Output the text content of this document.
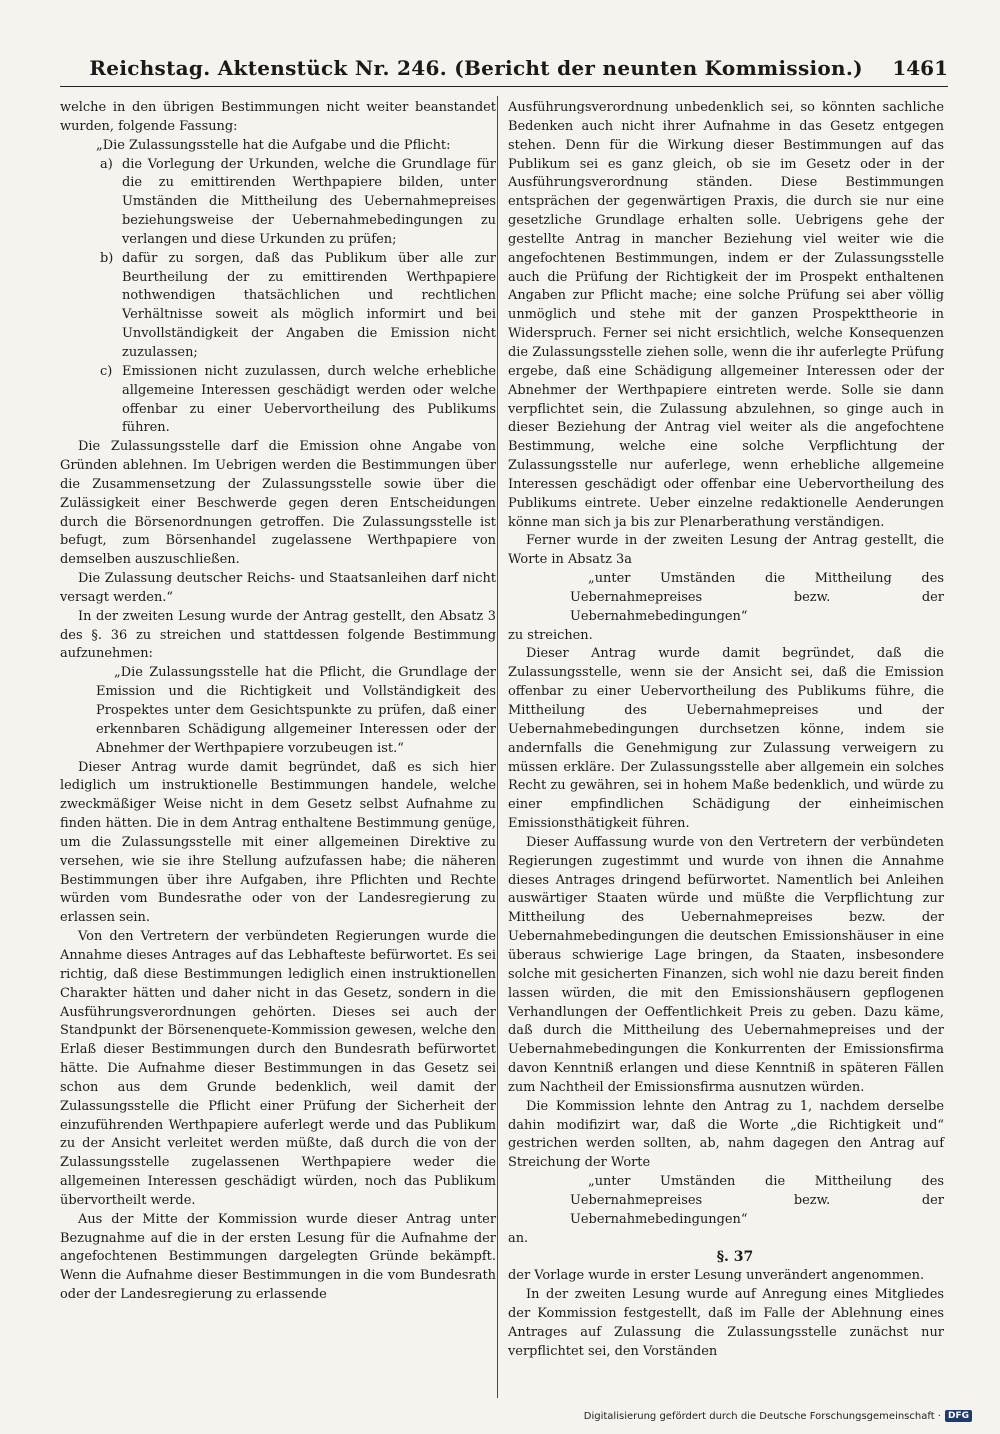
Reichstag. Aktenstück Nr. 246. (Bericht der neunten Kommission.)	1461

welche in den übrigen Bestimmungen nicht weiter beanstandet wurden, folgende Fassung:

„Die Zulassungsstelle hat die Aufgabe und die Pflicht:

a) die Vorlegung der Urkunden, welche die Grundlage für die zu emittirenden Werthpapiere bilden, unter Umständen die Mittheilung des Uebernahmepreises beziehungsweise der Uebernahmebedingungen zu verlangen und diese Urkunden zu prüfen;
b) dafür zu sorgen, daß das Publikum über alle zur Beurtheilung der zu emittirenden Werthpapiere nothwendigen thatsächlichen und rechtlichen Verhältnisse soweit als möglich informirt und bei Unvollständigkeit der Angaben die Emission nicht zuzulassen;
c) Emissionen nicht zuzulassen, durch welche erhebliche allgemeine Interessen geschädigt werden oder welche offenbar zu einer Uebervortheilung des Publikums führen.

Die Zulassungsstelle darf die Emission ohne Angabe von Gründen ablehnen. Im Uebrigen werden die Bestimmungen über die Zusammensetzung der Zulassungsstelle sowie über die Zulässigkeit einer Beschwerde gegen deren Entscheidungen durch die Börsenordnungen getroffen. Die Zulassungsstelle ist befugt, zum Börsenhandel zugelassene Werthpapiere von demselben auszuschließen.

Die Zulassung deutscher Reichs- und Staatsanleihen darf nicht versagt werden.“

In der zweiten Lesung wurde der Antrag gestellt, den Absatz 3 des §. 36 zu streichen und stattdessen folgende Bestimmung aufzunehmen:

„Die Zulassungsstelle hat die Pflicht, die Grundlage der Emission und die Richtigkeit und Vollständigkeit des Prospektes unter dem Gesichtspunkte zu prüfen, daß einer erkennbaren Schädigung allgemeiner Interessen oder der Abnehmer der Werthpapiere vorzubeugen ist.“

Dieser Antrag wurde damit begründet, daß es sich hier lediglich um instruktionelle Bestimmungen handele, welche zweckmäßiger Weise nicht in dem Gesetz selbst Aufnahme zu finden hätten. Die in dem Antrag enthaltene Bestimmung genüge, um die Zulassungsstelle mit einer allgemeinen Direktive zu versehen, wie sie ihre Stellung aufzufassen habe; die näheren Bestimmungen über ihre Aufgaben, ihre Pflichten und Rechte würden vom Bundesrathe oder von der Landesregierung zu erlassen sein.

Von den Vertretern der verbündeten Regierungen wurde die Annahme dieses Antrages auf das Lebhafteste befürwortet. Es sei richtig, daß diese Bestimmungen lediglich einen instruktionellen Charakter hätten und daher nicht in das Gesetz, sondern in die Ausführungsverordnungen gehörten. Dieses sei auch der Standpunkt der Börsenenquete-Kommission gewesen, welche den Erlaß dieser Bestimmungen durch den Bundesrath befürwortet hätte. Die Aufnahme dieser Bestimmungen in das Gesetz sei schon aus dem Grunde bedenklich, weil damit der Zulassungsstelle die Pflicht einer Prüfung der Sicherheit der einzuführenden Werthpapiere auferlegt werde und das Publikum zu der Ansicht verleitet werden müßte, daß durch die von der Zulassungsstelle zugelassenen Werthpapiere weder die allgemeinen Interessen geschädigt würden, noch das Publikum übervortheilt werde.

Aus der Mitte der Kommission wurde dieser Antrag unter Bezugnahme auf die in der ersten Lesung für die Aufnahme der angefochtenen Bestimmungen dargelegten Gründe bekämpft. Wenn die Aufnahme dieser Bestimmungen in die vom Bundesrath oder der Landesregierung zu erlassende

Ausführungsverordnung unbedenklich sei, so könnten sachliche Bedenken auch nicht ihrer Aufnahme in das Gesetz entgegen stehen. Denn für die Wirkung dieser Bestimmungen auf das Publikum sei es ganz gleich, ob sie im Gesetz oder in der Ausführungsverordnung ständen. Diese Bestimmungen entsprächen der gegenwärtigen Praxis, die durch sie nur eine gesetzliche Grundlage erhalten solle. Uebrigens gehe der gestellte Antrag in mancher Beziehung viel weiter wie die angefochtenen Bestimmungen, indem er der Zulassungsstelle auch die Prüfung der Richtigkeit der im Prospekt enthaltenen Angaben zur Pflicht mache; eine solche Prüfung sei aber völlig unmöglich und stehe mit der ganzen Prospekttheorie in Widerspruch. Ferner sei nicht ersichtlich, welche Konsequenzen die Zulassungsstelle ziehen solle, wenn die ihr auferlegte Prüfung ergebe, daß eine Schädigung allgemeiner Interessen oder der Abnehmer der Werthpapiere eintreten werde. Solle sie dann verpflichtet sein, die Zulassung abzulehnen, so ginge auch in dieser Beziehung der Antrag viel weiter als die angefochtene Bestimmung, welche eine solche Verpflichtung der Zulassungsstelle nur auferlege, wenn erhebliche allgemeine Interessen geschädigt oder offenbar eine Uebervortheilung des Publikums eintrete. Ueber einzelne redaktionelle Aenderungen könne man sich ja bis zur Plenarberathung verständigen.

Ferner wurde in der zweiten Lesung der Antrag gestellt, die Worte in Absatz 3a

„unter Umständen die Mittheilung des Uebernahmepreises bezw. der Uebernahmebedingungen“

zu streichen.

Dieser Antrag wurde damit begründet, daß die Zulassungsstelle, wenn sie der Ansicht sei, daß die Emission offenbar zu einer Uebervortheilung des Publikums führe, die Mittheilung des Uebernahmepreises und der Uebernahmebedingungen durchsetzen könne, indem sie andernfalls die Genehmigung zur Zulassung verweigern zu müssen erkläre. Der Zulassungsstelle aber allgemein ein solches Recht zu gewähren, sei in hohem Maße bedenklich, und würde zu einer empfindlichen Schädigung der einheimischen Emissionsthätigkeit führen.

Dieser Auffassung wurde von den Vertretern der verbündeten Regierungen zugestimmt und wurde von ihnen die Annahme dieses Antrages dringend befürwortet. Namentlich bei Anleihen auswärtiger Staaten würde und müßte die Verpflichtung zur Mittheilung des Uebernahmepreises bezw. der Uebernahmebedingungen die deutschen Emissionshäuser in eine überaus schwierige Lage bringen, da Staaten, insbesondere solche mit gesicherten Finanzen, sich wohl nie dazu bereit finden lassen würden, die mit den Emissionshäusern gepflogenen Verhandlungen der Oeffentlichkeit Preis zu geben. Dazu käme, daß durch die Mittheilung des Uebernahmepreises und der Uebernahmebedingungen die Konkurrenten der Emissionsfirma davon Kenntniß erlangen und diese Kenntniß in späteren Fällen zum Nachtheil der Emissionsfirma ausnutzen würden.

Die Kommission lehnte den Antrag zu 1, nachdem derselbe dahin modifizirt war, daß die Worte „die Richtigkeit und“ gestrichen werden sollten, ab, nahm dagegen den Antrag auf Streichung der Worte

„unter Umständen die Mittheilung des Uebernahmepreises bezw. der Uebernahmebedingungen“

an.

§. 37

der Vorlage wurde in erster Lesung unverändert angenommen.

In der zweiten Lesung wurde auf Anregung eines Mitgliedes der Kommission festgestellt, daß im Falle der Ablehnung eines Antrages auf Zulassung die Zulassungsstelle zunächst nur verpflichtet sei, den Vorständen

Digitalisierung gefördert durch die Deutsche Forschungsgemeinschaft · DFG
